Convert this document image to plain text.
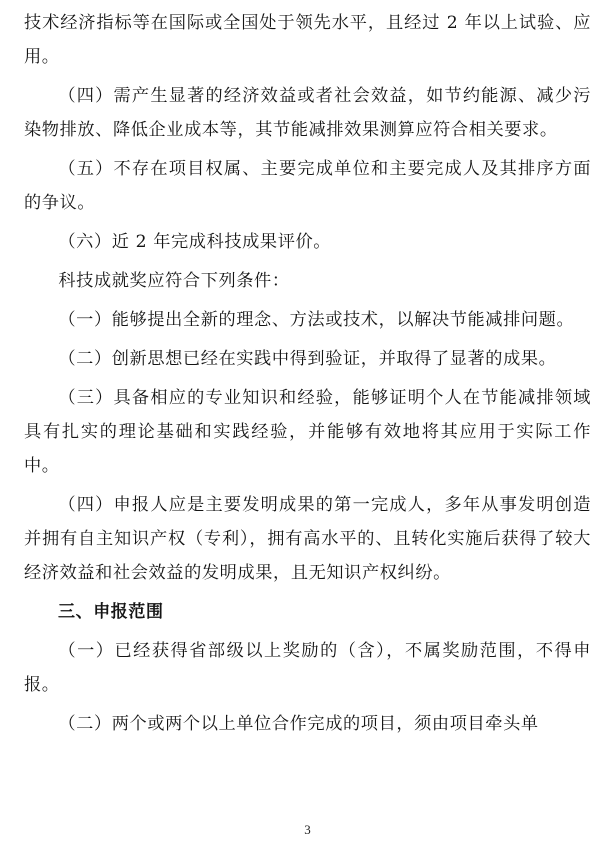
技术经济指标等在国际或全国处于领先水平，且经过 2 年以上试验、应用。

（四）需产生显著的经济效益或者社会效益，如节约能源、减少污染物排放、降低企业成本等，其节能减排效果测算应符合相关要求。

（五）不存在项目权属、主要完成单位和主要完成人及其排序方面的争议。

（六）近 2 年完成科技成果评价。

科技成就奖应符合下列条件：

（一）能够提出全新的理念、方法或技术，以解决节能减排问题。

（二）创新思想已经在实践中得到验证，并取得了显著的成果。

（三）具备相应的专业知识和经验，能够证明个人在节能减排领域具有扎实的理论基础和实践经验，并能够有效地将其应用于实际工作中。

（四）申报人应是主要发明成果的第一完成人，多年从事发明创造并拥有自主知识产权（专利），拥有高水平的、且转化实施后获得了较大经济效益和社会效益的发明成果，且无知识产权纠纷。

三、申报范围

（一）已经获得省部级以上奖励的（含），不属奖励范围，不得申报。

（二）两个或两个以上单位合作完成的项目，须由项目牵头单

3
